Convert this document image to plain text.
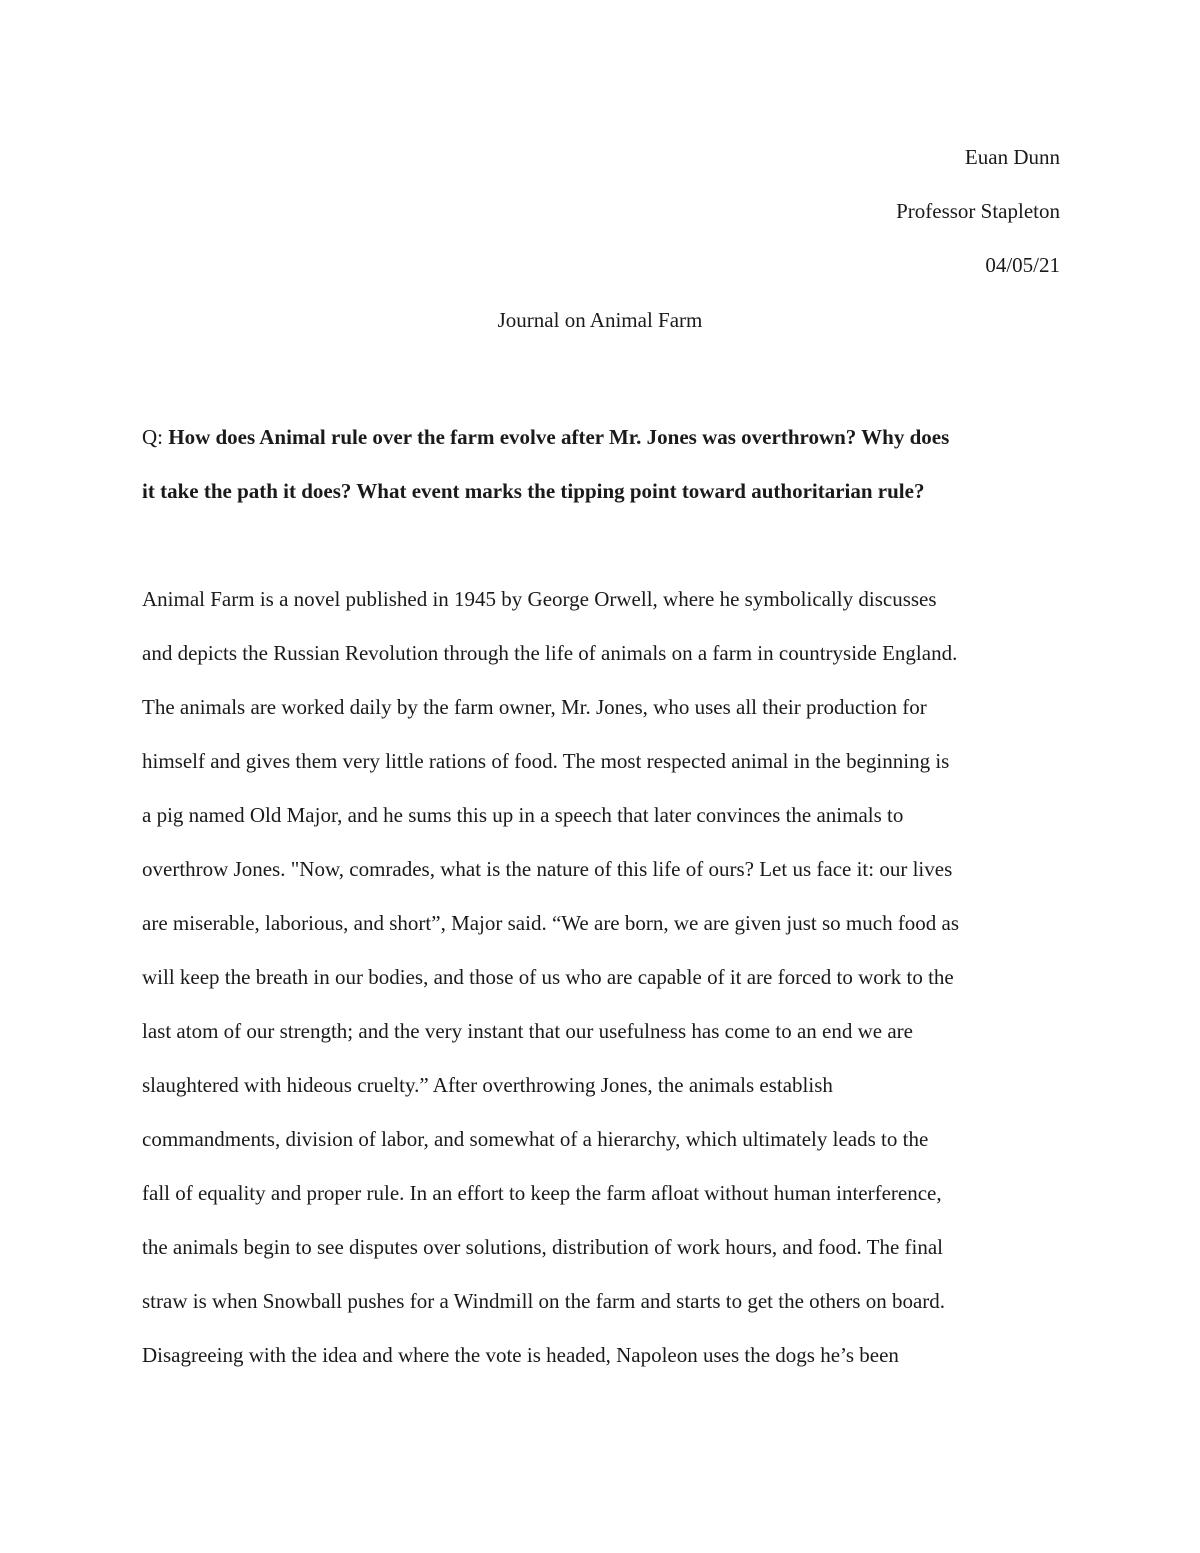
Euan Dunn
Professor Stapleton
04/05/21
Journal on Animal Farm
Q: How does Animal rule over the farm evolve after Mr. Jones was overthrown? Why does
it take the path it does? What event marks the tipping point toward authoritarian rule?
Animal Farm is a novel published in 1945 by George Orwell, where he symbolically discusses
and depicts the Russian Revolution through the life of animals on a farm in countryside England.
The animals are worked daily by the farm owner, Mr. Jones, who uses all their production for
himself and gives them very little rations of food. The most respected animal in the beginning is
a pig named Old Major, and he sums this up in a speech that later convinces the animals to
overthrow Jones. "Now, comrades, what is the nature of this life of ours? Let us face it: our lives
are miserable, laborious, and short”, Major said. “We are born, we are given just so much food as
will keep the breath in our bodies, and those of us who are capable of it are forced to work to the
last atom of our strength; and the very instant that our usefulness has come to an end we are
slaughtered with hideous cruelty.” After overthrowing Jones, the animals establish
commandments, division of labor, and somewhat of a hierarchy, which ultimately leads to the
fall of equality and proper rule. In an effort to keep the farm afloat without human interference,
the animals begin to see disputes over solutions, distribution of work hours, and food. The final
straw is when Snowball pushes for a Windmill on the farm and starts to get the others on board.
Disagreeing with the idea and where the vote is headed, Napoleon uses the dogs he’s been
